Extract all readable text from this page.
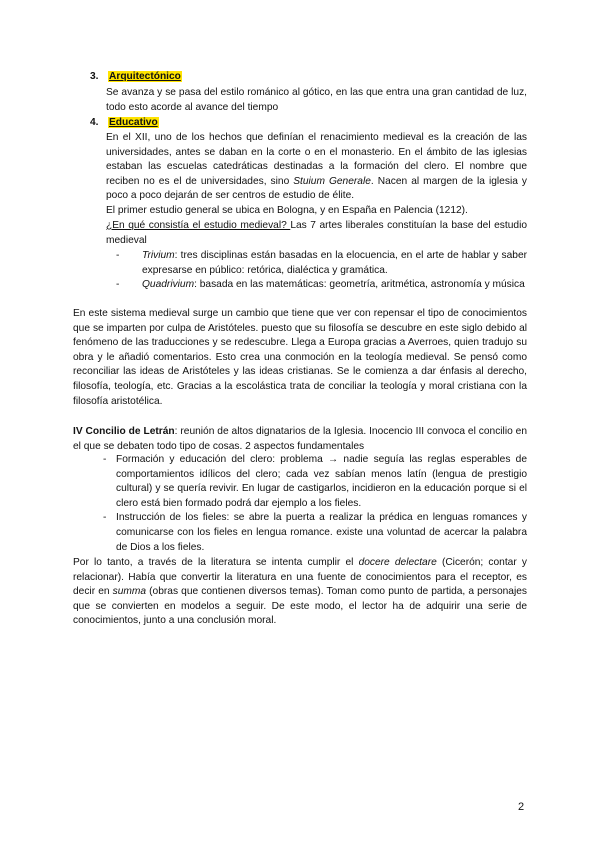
3. Arquitectónico

Se avanza y se pasa del estilo románico al gótico, en las que entra una gran cantidad de luz, todo esto acorde al avance del tiempo

4. Educativo

En el XII, uno de los hechos que definían el renacimiento medieval es la creación de las universidades, antes se daban en la corte o en el monasterio. En el ámbito de las iglesias estaban las escuelas catedráticas destinadas a la formación del clero. El nombre que reciben no es el de universidades, sino Stuium Generale. Nacen al margen de la iglesia y poco a poco dejarán de ser centros de estudio de élite.

El primer estudio general se ubica en Bologna, y en España en Palencia (1212).

¿En qué consistía el estudio medieval? Las 7 artes liberales constituían la base del estudio medieval

- Trivium: tres disciplinas están basadas en la elocuencia, en el arte de hablar y saber expresarse en público: retórica, dialéctica y gramática.
- Quadrivium: basada en las matemáticas: geometría, aritmética, astronomía y música

En este sistema medieval surge un cambio que tiene que ver con repensar el tipo de conocimientos que se imparten por culpa de Aristóteles. puesto que su filosofía se descubre en este siglo debido al fenómeno de las traducciones y se redescubre. Llega a Europa gracias a Averroes, quien tradujo su obra y le añadió comentarios. Esto crea una conmoción en la teología medieval. Se pensó como reconciliar las ideas de Aristóteles y las ideas cristianas. Se le comienza a dar énfasis al derecho, filosofía, teología, etc. Gracias a la escolástica trata de conciliar la teología y moral cristiana con la filosofía aristotélica.

IV Concilio de Letrán: reunión de altos dignatarios de la Iglesia. Inocencio III convoca el concilio en el que se debaten todo tipo de cosas. 2 aspectos fundamentales

- Formación y educación del clero: problema → nadie seguía las reglas esperables de comportamientos idílicos del clero; cada vez sabían menos latín (lengua de prestigio cultural) y se quería revivir. En lugar de castigarlos, incidieron en la educación porque si el clero está bien formado podrá dar ejemplo a los fieles.
- Instrucción de los fieles: se abre la puerta a realizar la prédica en lenguas romances y comunicarse con los fieles en lengua romance. existe una voluntad de acercar la palabra de Dios a los fieles.

Por lo tanto, a través de la literatura se intenta cumplir el docere delectare (Cicerón; contar y relacionar). Había que convertir la literatura en una fuente de conocimientos para el receptor, es decir en summa (obras que contienen diversos temas). Toman como punto de partida, a personajes que se convierten en modelos a seguir. De este modo, el lector ha de adquirir una serie de conocimientos, junto a una conclusión moral.

2
